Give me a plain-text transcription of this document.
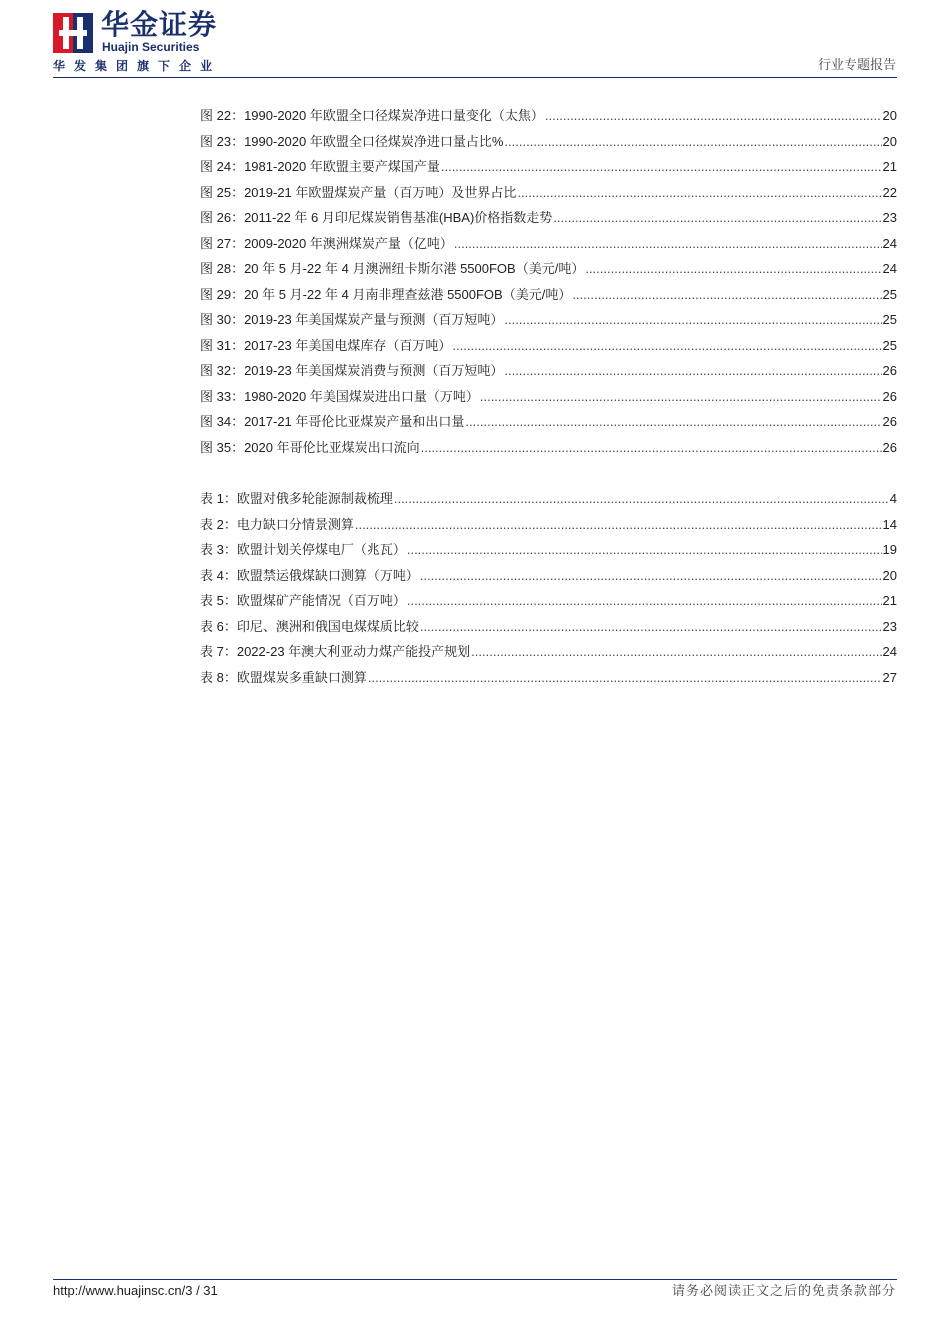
华金证券
Huajin Securities
华发集团旗下企业	行业专题报告
图 22：1990-2020 年欧盟全口径煤炭净进口量变化（太焦） .....	20
图 23：1990-2020 年欧盟全口径煤炭净进口量占比% .....	20
图 24：1981-2020 年欧盟主要产煤国产量 .....	21
图 25：2019-21 年欧盟煤炭产量（百万吨）及世界占比 .....	22
图 26：2011-22 年 6 月印尼煤炭销售基准(HBA)价格指数走势 .....	23
图 27：2009-2020 年澳洲煤炭产量（亿吨） .....	24
图 28：20 年 5 月-22 年 4 月澳洲纽卡斯尔港 5500FOB（美元/吨） .....	24
图 29：20 年 5 月-22 年 4 月南非理查兹港 5500FOB（美元/吨） .....	25
图 30：2019-23 年美国煤炭产量与预测（百万短吨） .....	25
图 31：2017-23 年美国电煤库存（百万吨） .....	25
图 32：2019-23 年美国煤炭消费与预测（百万短吨） .....	26
图 33：1980-2020 年美国煤炭进出口量（万吨） .....	26
图 34：2017-21 年哥伦比亚煤炭产量和出口量 .....	26
图 35：2020 年哥伦比亚煤炭出口流向 .....	26
表 1：欧盟对俄多轮能源制裁梳理 .....	4
表 2：电力缺口分情景测算 .....	14
表 3：欧盟计划关停煤电厂（兆瓦） .....	19
表 4：欧盟禁运俄煤缺口测算（万吨） .....	20
表 5：欧盟煤矿产能情况（百万吨） .....	21
表 6：印尼、澳洲和俄国电煤煤质比较 .....	23
表 7：2022-23 年澳大利亚动力煤产能投产规划 .....	24
表 8：欧盟煤炭多重缺口测算 .....	27
http://www.huajinsc.cn/3 / 31	请务必阅读正文之后的免责条款部分
